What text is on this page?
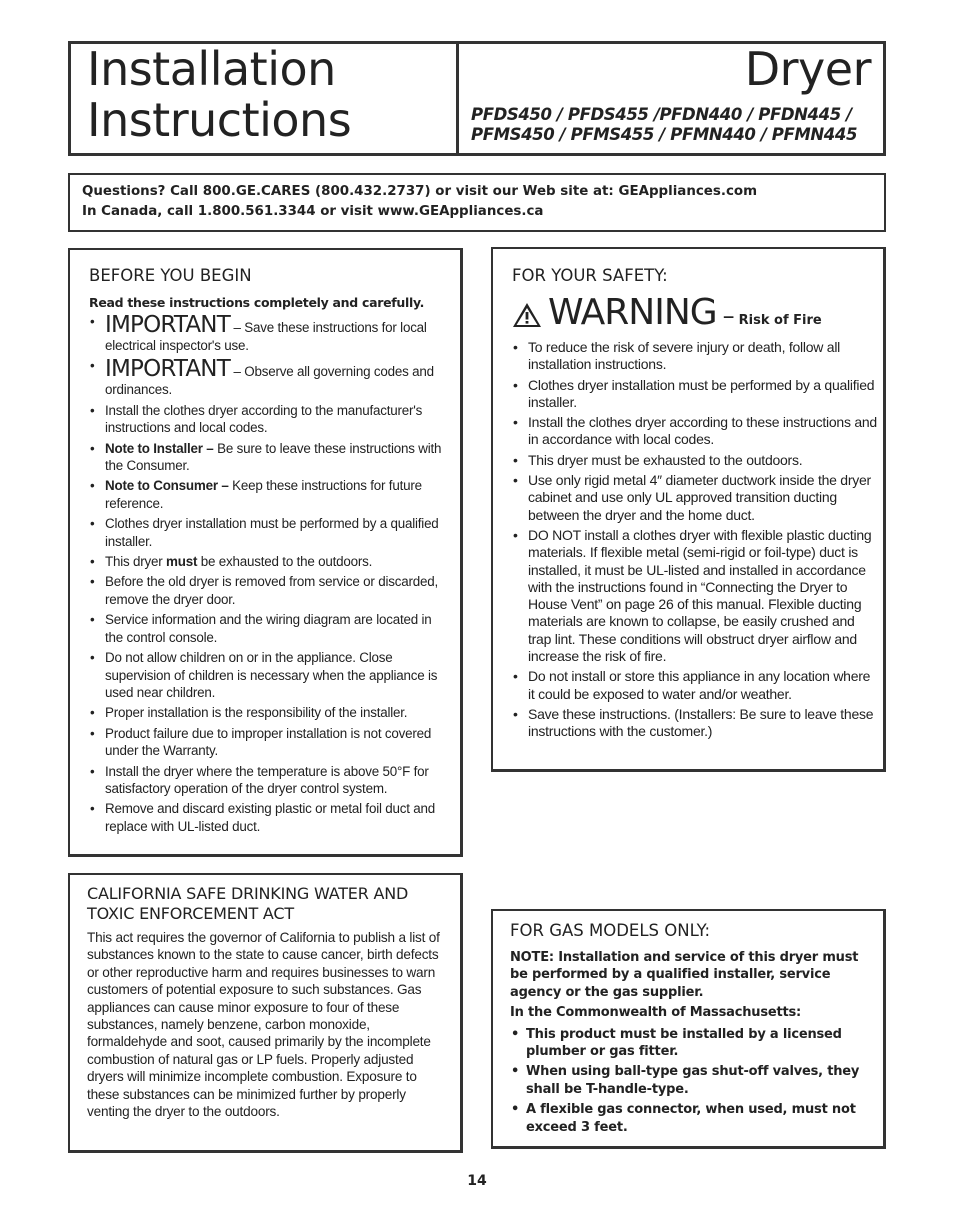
Installation
Instructions
Dryer
PFDS450 / PFDS455 /PFDN440 / PFDN445 /
PFMS450 / PFMS455 / PFMN440 / PFMN445
Questions? Call 800.GE.CARES (800.432.2737) or visit our Web site at: GEAppliances.com
In Canada, call 1.800.561.3344 or visit www.GEAppliances.ca
BEFORE YOU BEGIN
Read these instructions completely and carefully.
• IMPORTANT – Save these instructions for local electrical inspector's use.
• IMPORTANT – Observe all governing codes and ordinances.
• Install the clothes dryer according to the manufacturer's instructions and local codes.
• Note to Installer – Be sure to leave these instructions with the Consumer.
• Note to Consumer – Keep these instructions for future reference.
• Clothes dryer installation must be performed by a qualified installer.
• This dryer must be exhausted to the outdoors.
• Before the old dryer is removed from service or discarded, remove the dryer door.
• Service information and the wiring diagram are located in the control console.
• Do not allow children on or in the appliance. Close supervision of children is necessary when the appliance is used near children.
• Proper installation is the responsibility of the installer.
• Product failure due to improper installation is not covered under the Warranty.
• Install the dryer where the temperature is above 50°F for satisfactory operation of the dryer control system.
• Remove and discard existing plastic or metal foil duct and replace with UL-listed duct.
FOR YOUR SAFETY:
WARNING – Risk of Fire
• To reduce the risk of severe injury or death, follow all installation instructions.
• Clothes dryer installation must be performed by a qualified installer.
• Install the clothes dryer according to these instructions and in accordance with local codes.
• This dryer must be exhausted to the outdoors.
• Use only rigid metal 4″ diameter ductwork inside the dryer cabinet and use only UL approved transition ducting between the dryer and the home duct.
• DO NOT install a clothes dryer with flexible plastic ducting materials. If flexible metal (semi-rigid or foil-type) duct is installed, it must be UL-listed and installed in accordance with the instructions found in “Connecting the Dryer to House Vent” on page 26 of this manual. Flexible ducting materials are known to collapse, be easily crushed and trap lint. These conditions will obstruct dryer airflow and increase the risk of fire.
• Do not install or store this appliance in any location where it could be exposed to water and/or weather.
• Save these instructions. (Installers: Be sure to leave these instructions with the customer.)
CALIFORNIA SAFE DRINKING WATER AND TOXIC ENFORCEMENT ACT
This act requires the governor of California to publish a list of substances known to the state to cause cancer, birth defects or other reproductive harm and requires businesses to warn customers of potential exposure to such substances. Gas appliances can cause minor exposure to four of these substances, namely benzene, carbon monoxide, formaldehyde and soot, caused primarily by the incomplete combustion of natural gas or LP fuels. Properly adjusted dryers will minimize incomplete combustion. Exposure to these substances can be minimized further by properly venting the dryer to the outdoors.
FOR GAS MODELS ONLY:
NOTE: Installation and service of this dryer must be performed by a qualified installer, service agency or the gas supplier.
In the Commonwealth of Massachusetts:
• This product must be installed by a licensed plumber or gas fitter.
• When using ball-type gas shut-off valves, they shall be T-handle-type.
• A flexible gas connector, when used, must not exceed 3 feet.
14
